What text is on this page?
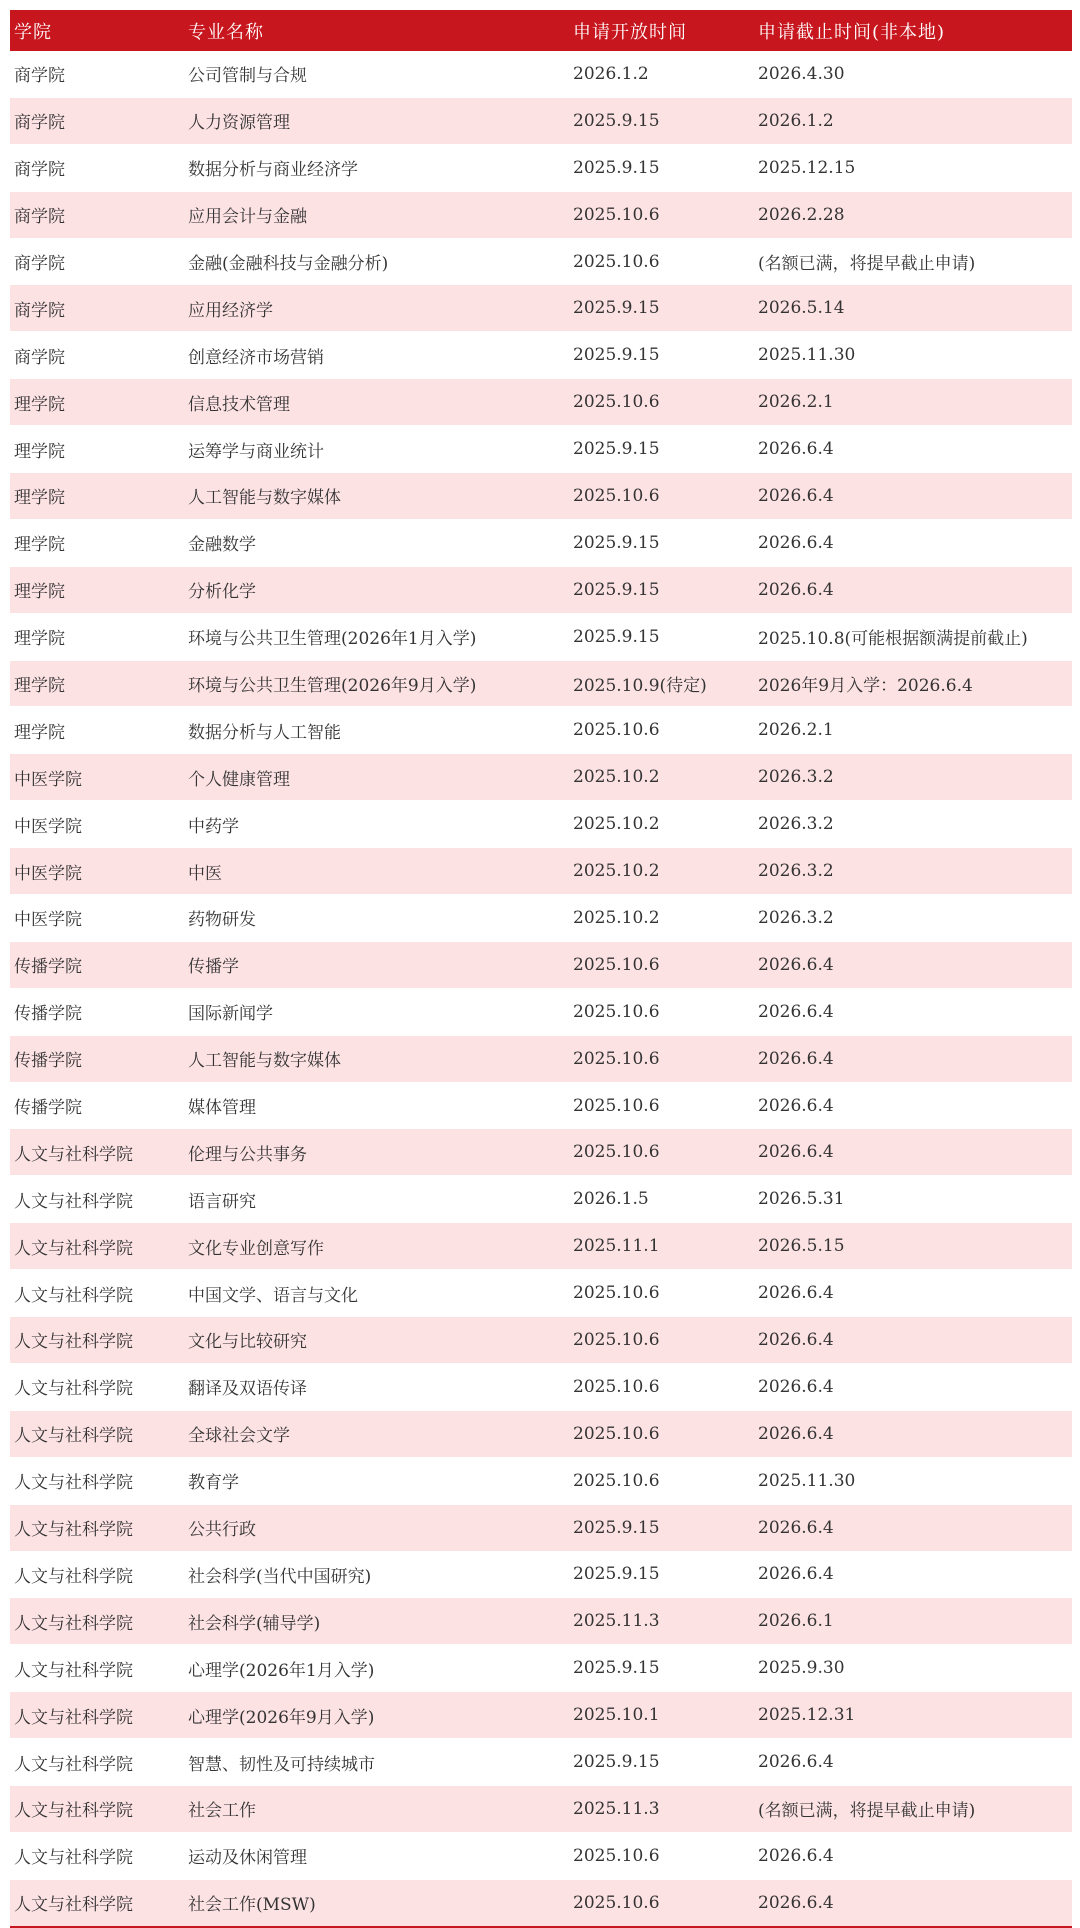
学院	专业名称	申请开放时间	申请截止时间(非本地)
商学院	公司管制与合规	2026.1.2	2026.4.30
商学院	人力资源管理	2025.9.15	2026.1.2
商学院	数据分析与商业经济学	2025.9.15	2025.12.15
商学院	应用会计与金融	2025.10.6	2026.2.28
商学院	金融(金融科技与金融分析)	2025.10.6	(名额已满，将提早截止申请)
商学院	应用经济学	2025.9.15	2026.5.14
商学院	创意经济市场营销	2025.9.15	2025.11.30
理学院	信息技术管理	2025.10.6	2026.2.1
理学院	运筹学与商业统计	2025.9.15	2026.6.4
理学院	人工智能与数字媒体	2025.10.6	2026.6.4
理学院	金融数学	2025.9.15	2026.6.4
理学院	分析化学	2025.9.15	2026.6.4
理学院	环境与公共卫生管理(2026年1月入学)	2025.9.15	2025.10.8(可能根据额满提前截止)
理学院	环境与公共卫生管理(2026年9月入学)	2025.10.9(待定)	2026年9月入学：2026.6.4
理学院	数据分析与人工智能	2025.10.6	2026.2.1
中医学院	个人健康管理	2025.10.2	2026.3.2
中医学院	中药学	2025.10.2	2026.3.2
中医学院	中医	2025.10.2	2026.3.2
中医学院	药物研发	2025.10.2	2026.3.2
传播学院	传播学	2025.10.6	2026.6.4
传播学院	国际新闻学	2025.10.6	2026.6.4
传播学院	人工智能与数字媒体	2025.10.6	2026.6.4
传播学院	媒体管理	2025.10.6	2026.6.4
人文与社科学院	伦理与公共事务	2025.10.6	2026.6.4
人文与社科学院	语言研究	2026.1.5	2026.5.31
人文与社科学院	文化专业创意写作	2025.11.1	2026.5.15
人文与社科学院	中国文学、语言与文化	2025.10.6	2026.6.4
人文与社科学院	文化与比较研究	2025.10.6	2026.6.4
人文与社科学院	翻译及双语传译	2025.10.6	2026.6.4
人文与社科学院	全球社会文学	2025.10.6	2026.6.4
人文与社科学院	教育学	2025.10.6	2025.11.30
人文与社科学院	公共行政	2025.9.15	2026.6.4
人文与社科学院	社会科学(当代中国研究)	2025.9.15	2026.6.4
人文与社科学院	社会科学(辅导学)	2025.11.3	2026.6.1
人文与社科学院	心理学(2026年1月入学)	2025.9.15	2025.9.30
人文与社科学院	心理学(2026年9月入学)	2025.10.1	2025.12.31
人文与社科学院	智慧、韧性及可持续城市	2025.9.15	2026.6.4
人文与社科学院	社会工作	2025.11.3	(名额已满，将提早截止申请)
人文与社科学院	运动及休闲管理	2025.10.6	2026.6.4
人文与社科学院	社会工作(MSW)	2025.10.6	2026.6.4
